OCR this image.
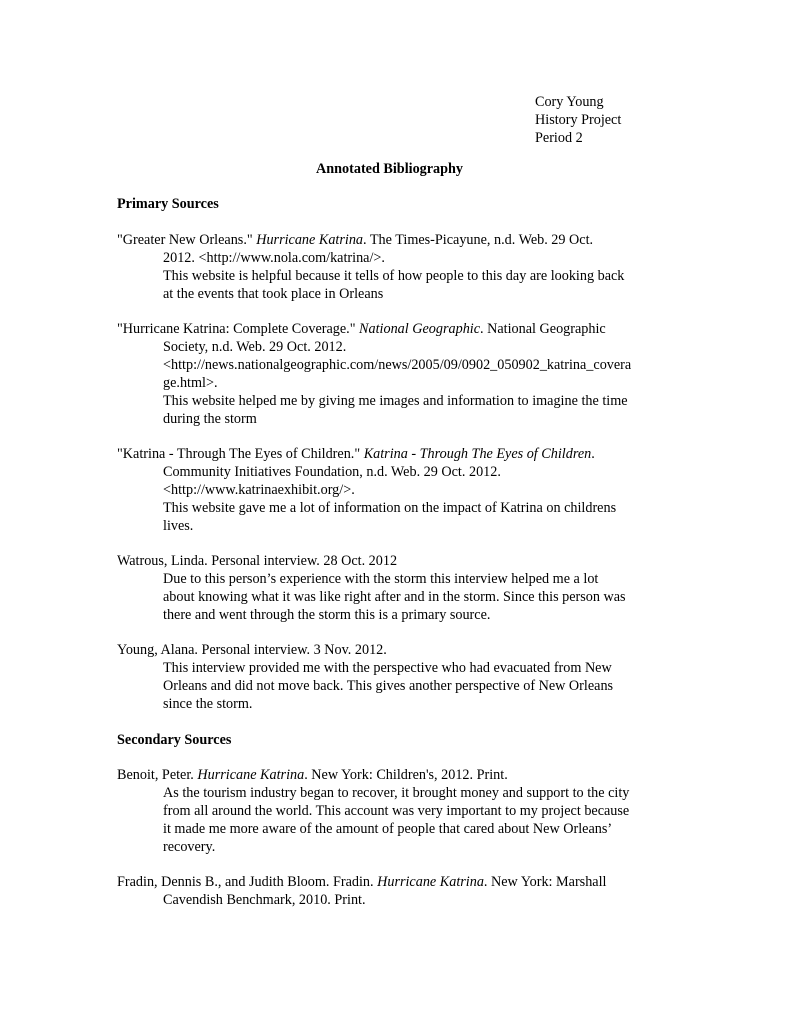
Cory Young
History Project
Period 2
Annotated Bibliography
Primary Sources
"Greater New Orleans." Hurricane Katrina. The Times-Picayune, n.d. Web. 29 Oct.
2012. <http://www.nola.com/katrina/>.
This website is helpful because it tells of how people to this day are looking back
at the events that took place in Orleans
"Hurricane Katrina: Complete Coverage." National Geographic. National Geographic
Society, n.d. Web. 29 Oct. 2012.
<http://news.nationalgeographic.com/news/2005/09/0902_050902_katrina_covera
ge.html>.
This website helped me by giving me images and information to imagine the time
during the storm
"Katrina - Through The Eyes of Children." Katrina - Through The Eyes of Children.
Community Initiatives Foundation, n.d. Web. 29 Oct. 2012.
<http://www.katrinaexhibit.org/>.
This website gave me a lot of information on the impact of Katrina on childrens
lives.
Watrous, Linda. Personal interview. 28 Oct. 2012
Due to this person’s experience with the storm this interview helped me a lot
about knowing what it was like right after and in the storm. Since this person was
there and went through the storm this is a primary source.
Young, Alana. Personal interview. 3 Nov. 2012.
This interview provided me with the perspective who had evacuated from New
Orleans and did not move back. This gives another perspective of New Orleans
since the storm.
Secondary Sources
Benoit, Peter. Hurricane Katrina. New York: Children's, 2012. Print.
As the tourism industry began to recover, it brought money and support to the city
from all around the world. This account was very important to my project because
it made me more aware of the amount of people that cared about New Orleans’
recovery.
Fradin, Dennis B., and Judith Bloom. Fradin. Hurricane Katrina. New York: Marshall
Cavendish Benchmark, 2010. Print.
